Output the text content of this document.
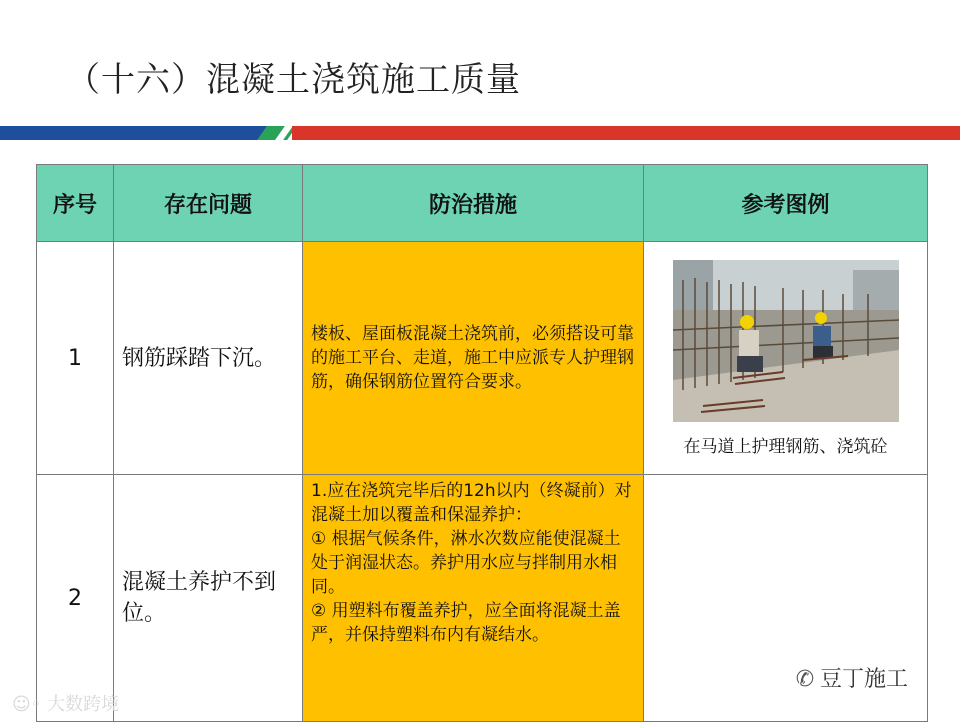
（十六）混凝土浇筑施工质量
序号	存在问题	防治措施	参考图例
1	钢筋踩踏下沉。	楼板、屋面板混凝土浇筑前，必须搭设可靠的施工平台、走道，施工中应派专人护理钢筋，确保钢筋位置符合要求。	在马道上护理钢筋、浇筑砼

2	混凝土养护不到位。	1.应在浇筑完毕后的12h以内（终凝前）对混凝土加以覆盖和保湿养护：
① 根据气候条件，淋水次数应能使混凝土处于润湿状态。养护用水应与拌制用水相同。
② 用塑料布覆盖养护，应全面将混凝土盖严，并保持塑料布内有凝结水。	

☺◦ 大数跨境
✆ 豆丁施工
